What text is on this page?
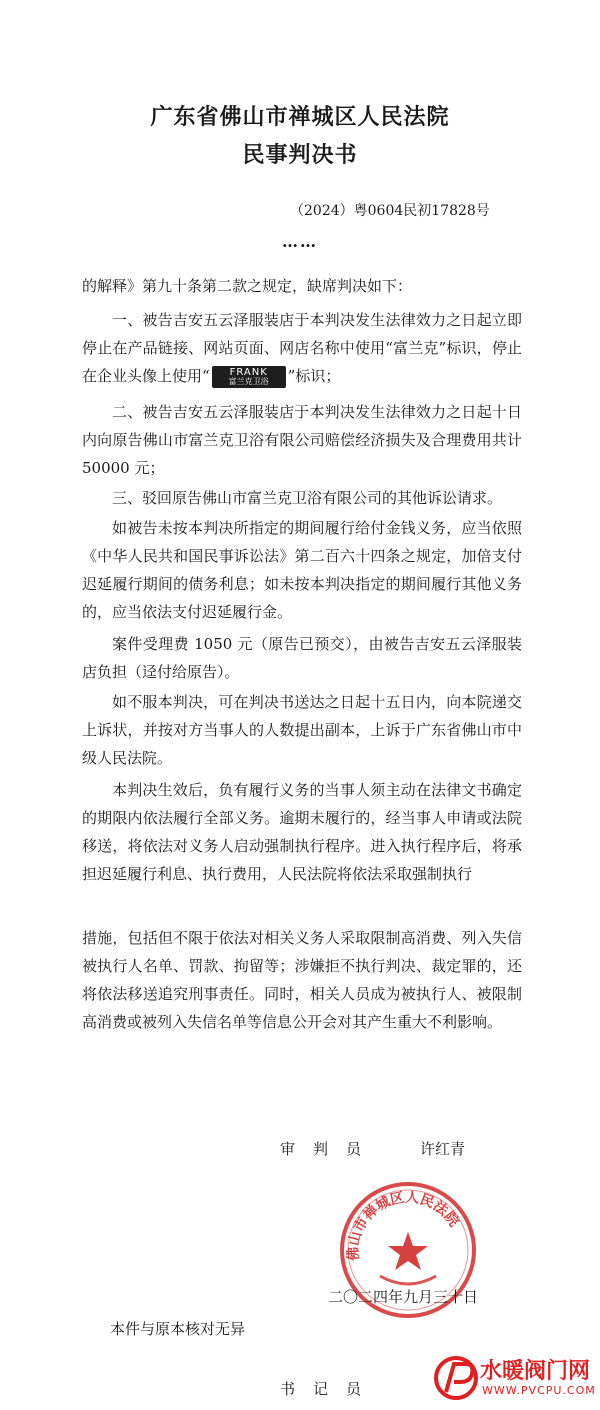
广东省佛山市禅城区人民法院
民事判决书
（2024）粤0604民初17828号
……
的解释》第九十条第二款之规定，缺席判决如下：
一、被告吉安五云泽服装店于本判决发生法律效力之日起立即停止在产品链接、网站页面、网店名称中使用“富兰克”标识，停止在企业头像上使用“	FRANK
富兰克卫浴	”标识；
二、被告吉安五云泽服装店于本判决发生法律效力之日起十日内向原告佛山市富兰克卫浴有限公司赔偿经济损失及合理费用共计 50000 元；
三、驳回原告佛山市富兰克卫浴有限公司的其他诉讼请求。
如被告未按本判决所指定的期间履行给付金钱义务，应当依照《中华人民共和国民事诉讼法》第二百六十四条之规定，加倍支付迟延履行期间的债务利息；如未按本判决指定的期间履行其他义务的，应当依法支付迟延履行金。
案件受理费 1050 元（原告已预交），由被告吉安五云泽服装店负担（迳付给原告）。
如不服本判决，可在判决书送达之日起十五日内，向本院递交上诉状，并按对方当事人的人数提出副本，上诉于广东省佛山市中级人民法院。
本判决生效后，负有履行义务的当事人须主动在法律文书确定的期限内依法履行全部义务。逾期未履行的，经当事人申请或法院移送，将依法对义务人启动强制执行程序。进入执行程序后，将承担迟延履行利息、执行费用，人民法院将依法采取强制执行
措施，包括但不限于依法对相关义务人采取限制高消费、列入失信被执行人名单、罚款、拘留等；涉嫌拒不执行判决、裁定罪的，还将依法移送追究刑事责任。同时，相关人员成为被执行人、被限制高消费或被列入失信名单等信息公开会对其产生重大不利影响。
审判员	许红青
佛山市禅城区人民法院
二〇二四年九月三十日
本件与原本核对无异
书记员
水暖阀门网
WWW.PVCPU.COM
